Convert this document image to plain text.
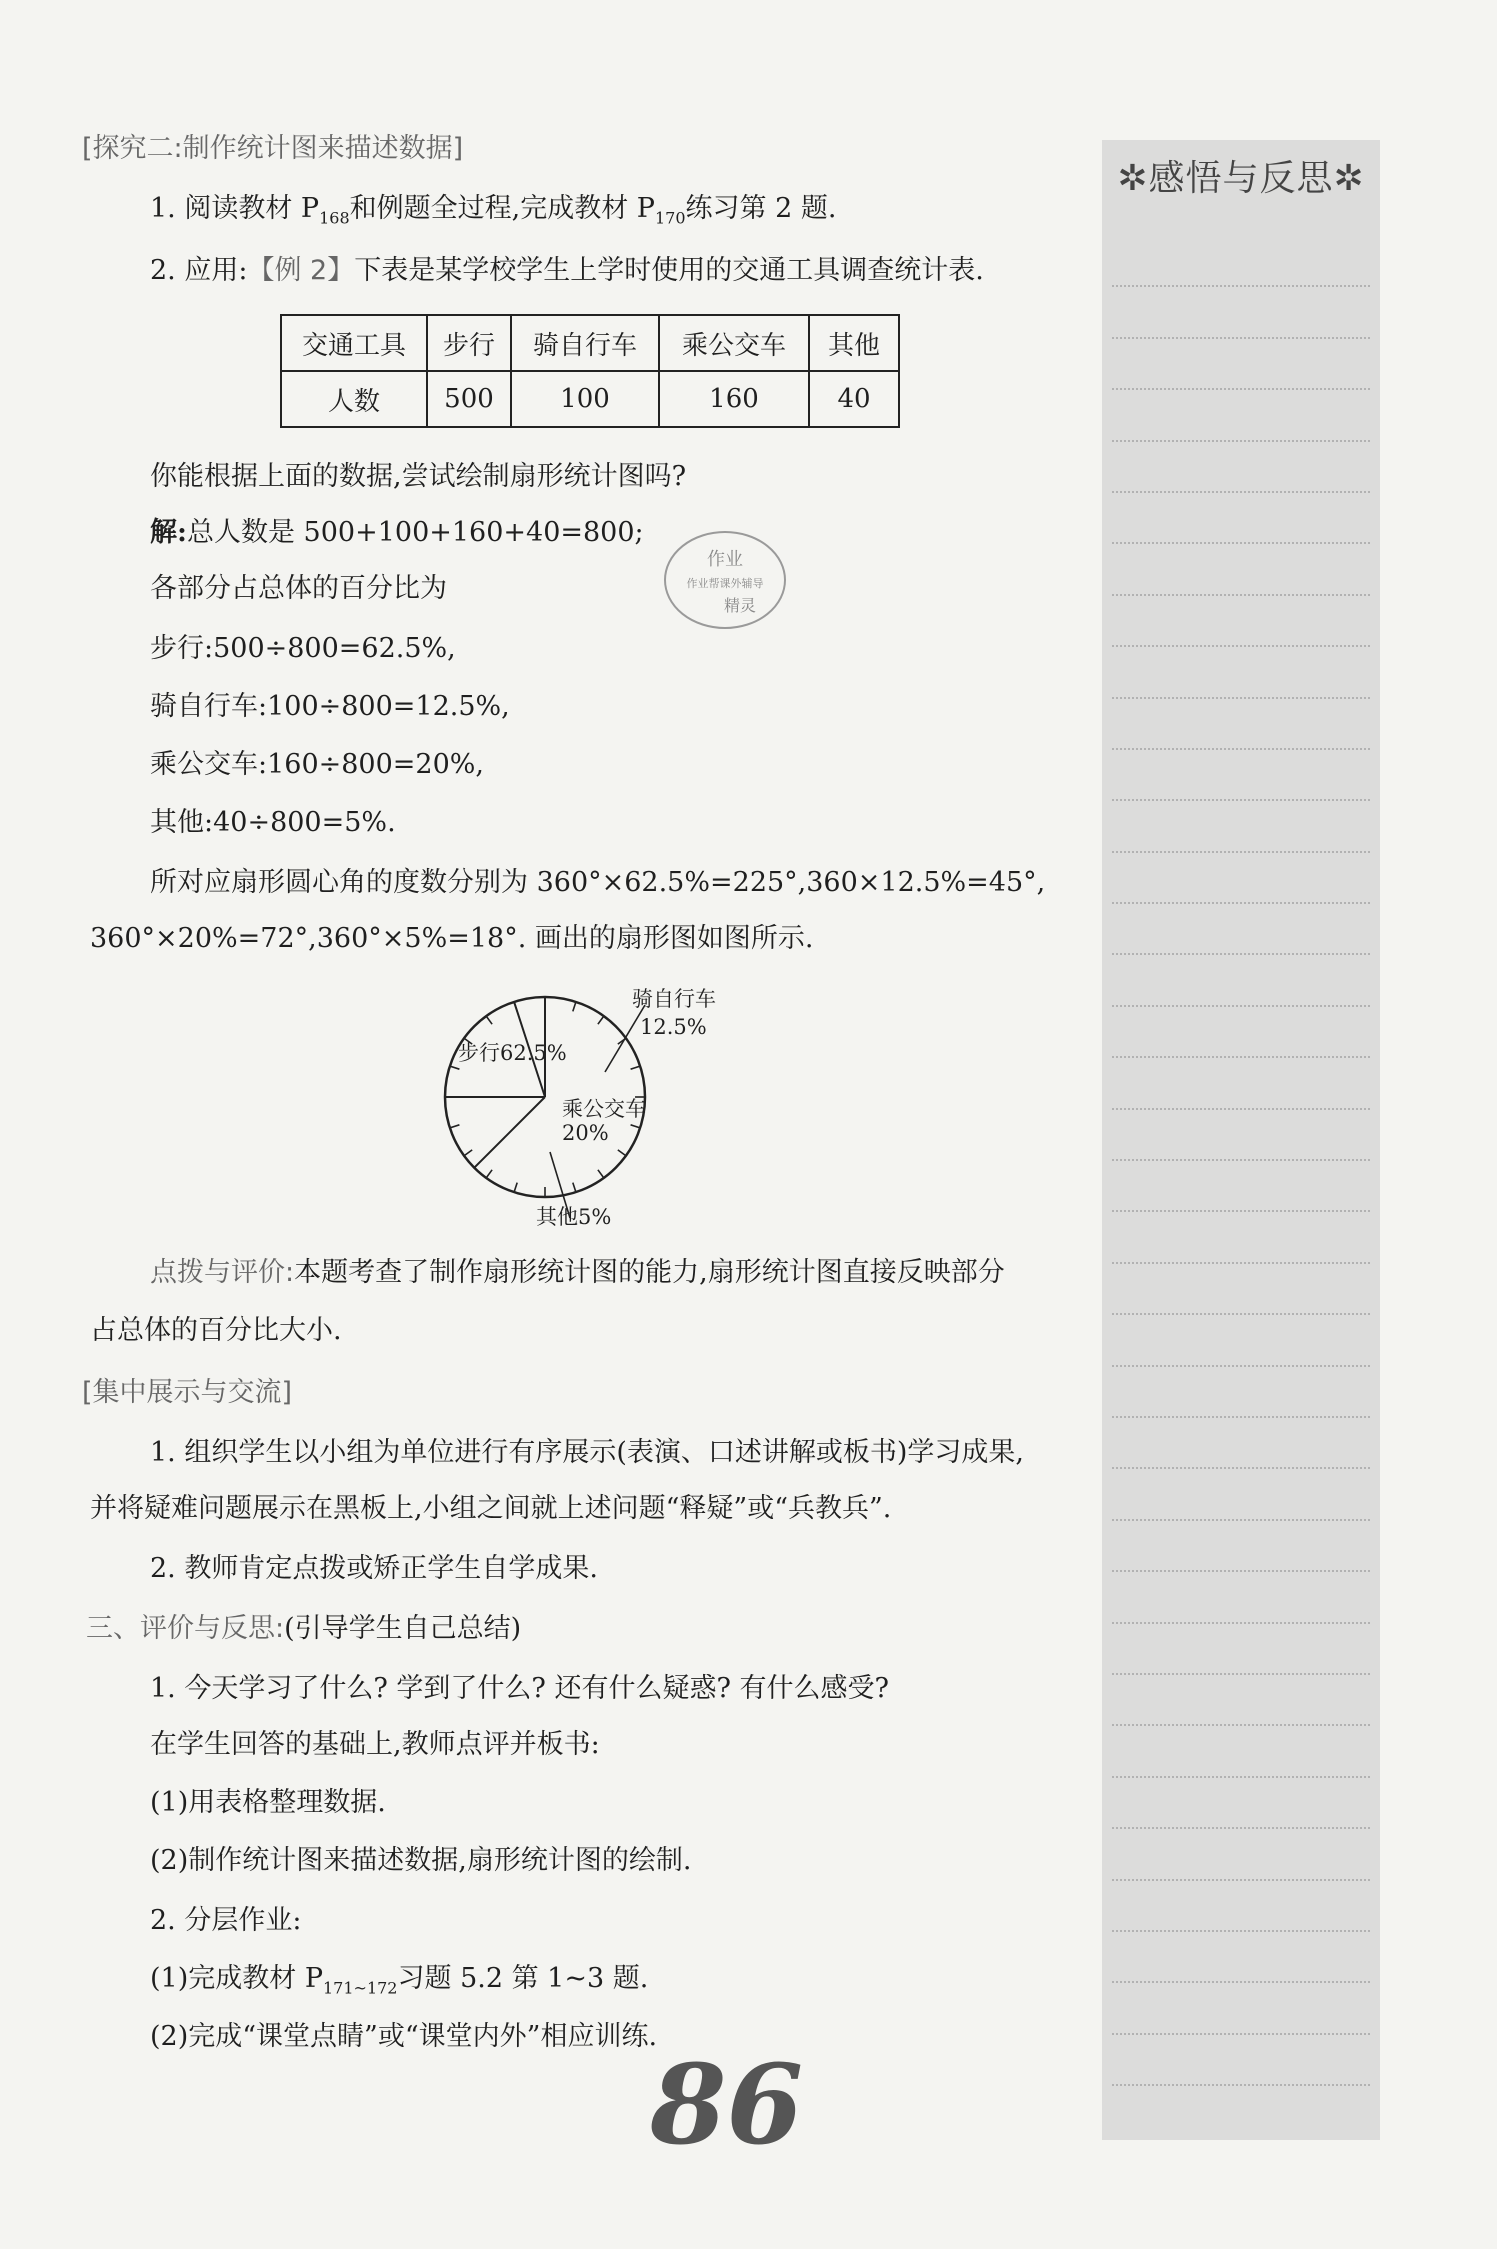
✲感悟与反思✲
[探究二:制作统计图来描述数据]
1. 阅读教材 $P_{168}$和例题全过程,完成教材 $P_{170}$练习第 2 题.
2. 应用:【例 2】下表是某学校学生上学时使用的交通工具调查统计表.
交通工具	步行	骑自行车	乘公交车	其他
人数	500	100	160	40
你能根据上面的数据,尝试绘制扇形统计图吗?
解:总人数是 500+100+160+40=800;
各部分占总体的百分比为
步行:500÷800=62.5%,
骑自行车:100÷800=12.5%,
乘公交车:160÷800=20%,
其他:40÷800=5%.
所对应扇形圆心角的度数分别为 360°×62.5%=225°,360×12.5%=45°,
360°×20%=72°,360°×5%=18°. 画出的扇形图如图所示.
作业
作业帮课外辅导
精灵
步行62.5%
骑自行车
12.5%
乘公交车
20%
其他5%
点拨与评价:本题考查了制作扇形统计图的能力,扇形统计图直接反映部分
占总体的百分比大小.
[集中展示与交流]
1. 组织学生以小组为单位进行有序展示(表演、口述讲解或板书)学习成果,
并将疑难问题展示在黑板上,小组之间就上述问题“释疑”或“兵教兵”.
2. 教师肯定点拨或矫正学生自学成果.
三、评价与反思:(引导学生自己总结)
1. 今天学习了什么? 学到了什么? 还有什么疑惑? 有什么感受?
在学生回答的基础上,教师点评并板书:
(1)用表格整理数据.
(2)制作统计图来描述数据,扇形统计图的绘制.
2. 分层作业:
(1)完成教材 $P_{171\sim 172}$习题 5.2 第 1~3 题.
(2)完成“课堂点睛”或“课堂内外”相应训练.
86
